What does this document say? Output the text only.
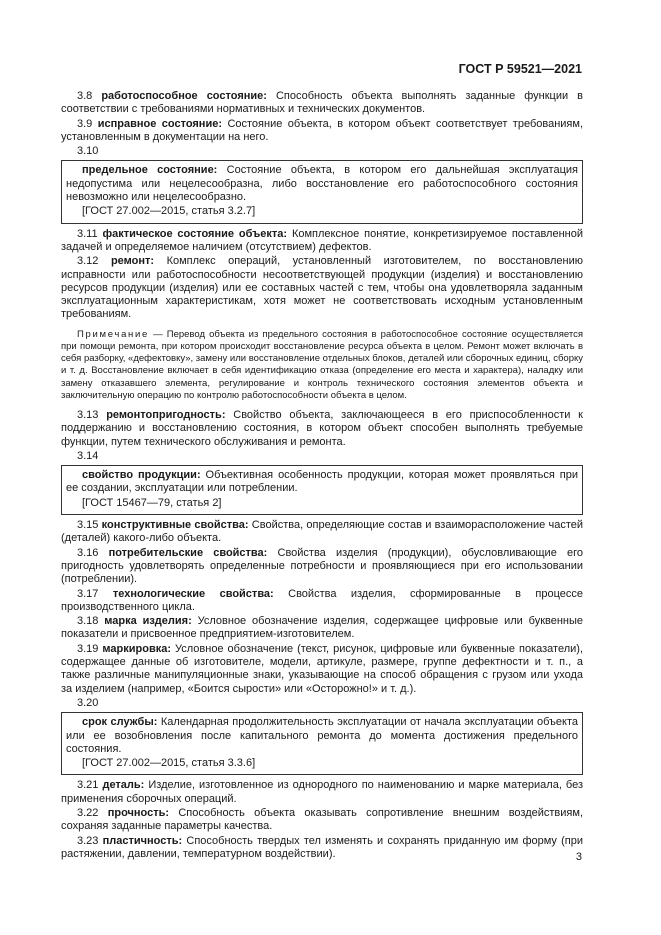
ГОСТ Р 59521—2021

3.8 работоспособное состояние: Способность объекта выполнять заданные функции в соответствии с требованиями нормативных и технических документов.

3.9 исправное состояние: Состояние объекта, в котором объект соответствует требованиям, установленным в документации на него.

3.10

предельное состояние: Состояние объекта, в котором его дальнейшая эксплуатация недопустима или нецелесообразна, либо восстановление его работоспособного состояния невозможно или нецелесообразно.

[ГОСТ 27.002—2015, статья 3.2.7]

3.11 фактическое состояние объекта: Комплексное понятие, конкретизируемое поставленной задачей и определяемое наличием (отсутствием) дефектов.

3.12 ремонт: Комплекс операций, установленный изготовителем, по восстановлению исправности или работоспособности несоответствующей продукции (изделия) и восстановлению ресурсов продукции (изделия) или ее составных частей с тем, чтобы она удовлетворяла заданным эксплуатационным характеристикам, хотя может не соответствовать исходным установленным требованиям.

Примечание — Перевод объекта из предельного состояния в работоспособное состояние осуществляется при помощи ремонта, при котором происходит восстановление ресурса объекта в целом. Ремонт может включать в себя разборку, «дефектовку», замену или восстановление отдельных блоков, деталей или сборочных единиц, сборку и т. д. Восстановление включает в себя идентификацию отказа (определение его места и характера), наладку или замену отказавшего элемента, регулирование и контроль технического состояния элементов объекта и заключительную операцию по контролю работоспособности объекта в целом.

3.13 ремонтопригодность: Свойство объекта, заключающееся в его приспособленности к поддержанию и восстановлению состояния, в котором объект способен выполнять требуемые функции, путем технического обслуживания и ремонта.

3.14

свойство продукции: Объективная особенность продукции, которая может проявляться при ее создании, эксплуатации или потреблении.

[ГОСТ 15467—79, статья 2]

3.15 конструктивные свойства: Свойства, определяющие состав и взаиморасположение частей (деталей) какого-либо объекта.

3.16 потребительские свойства: Свойства изделия (продукции), обусловливающие его пригодность удовлетворять определенные потребности и проявляющиеся при его использовании (потреблении).

3.17 технологические свойства: Свойства изделия, сформированные в процессе производственного цикла.

3.18 марка изделия: Условное обозначение изделия, содержащее цифровые или буквенные показатели и присвоенное предприятием-изготовителем.

3.19 маркировка: Условное обозначение (текст, рисунок, цифровые или буквенные показатели), содержащее данные об изготовителе, модели, артикуле, размере, группе дефектности и т. п., а также различные манипуляционные знаки, указывающие на способ обращения с грузом или ухода за изделием (например, «Боится сырости» или «Осторожно!» и т. д.).

3.20

срок службы: Календарная продолжительность эксплуатации от начала эксплуатации объекта или ее возобновления после капитального ремонта до момента достижения предельного состояния.

[ГОСТ 27.002—2015, статья 3.3.6]

3.21 деталь: Изделие, изготовленное из однородного по наименованию и марке материала, без применения сборочных операций.

3.22 прочность: Способность объекта оказывать сопротивление внешним воздействиям, сохраняя заданные параметры качества.

3.23 пластичность: Способность твердых тел изменять и сохранять приданную им форму (при растяжении, давлении, температурном воздействии).	3
